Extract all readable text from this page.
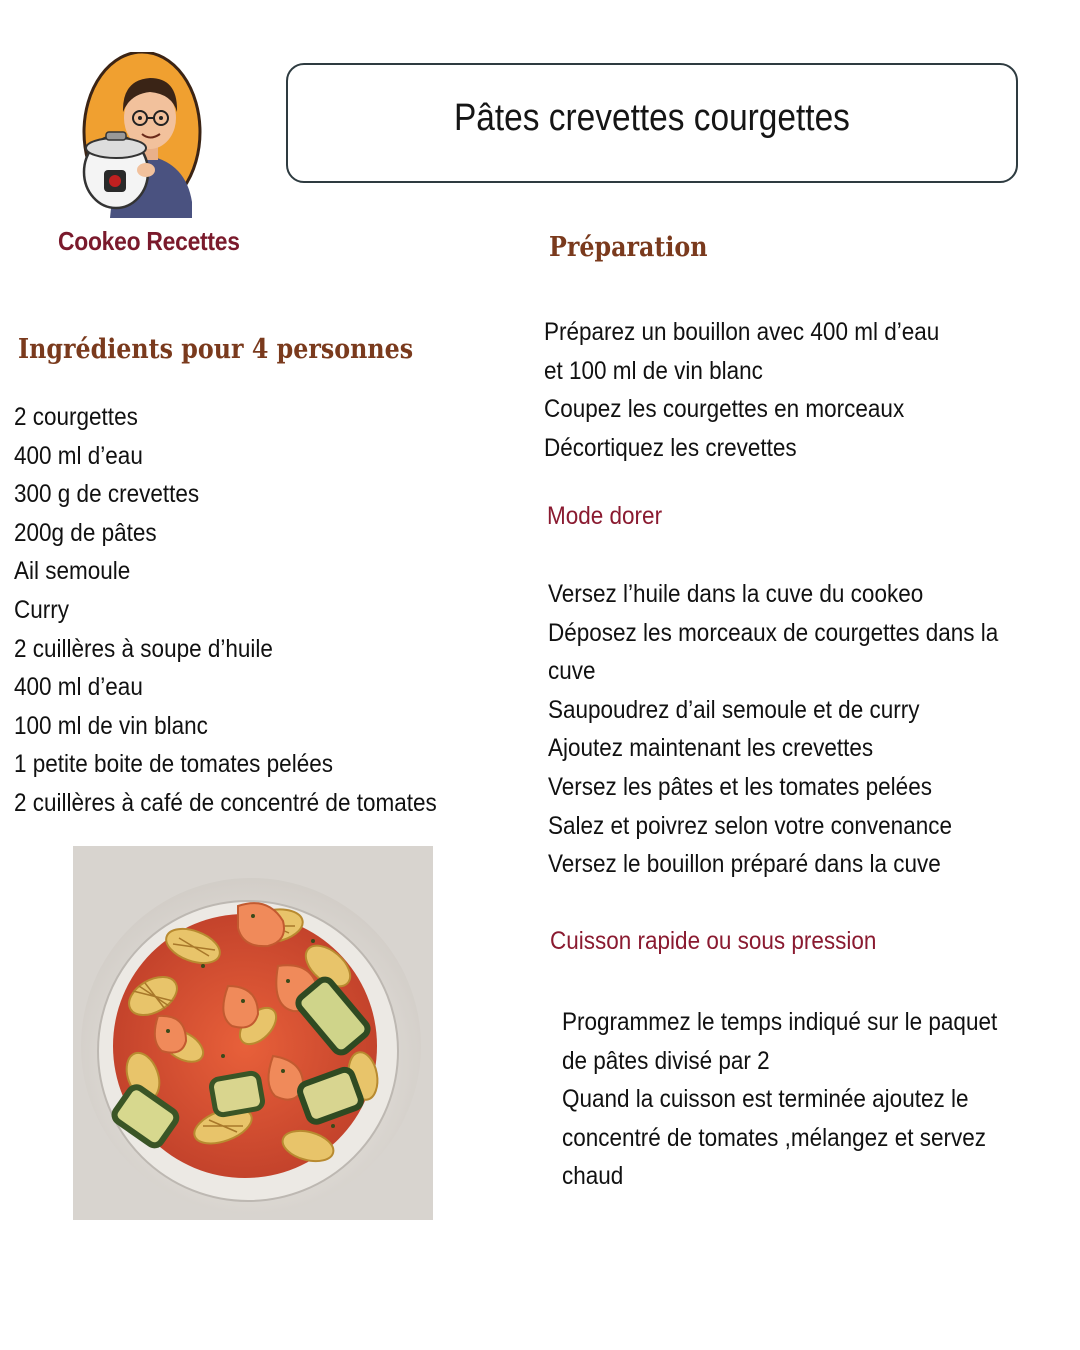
Cookeo Recettes
Pâtes crevettes courgettes
Ingrédients pour 4 personnes
2 courgettes
400 ml d’eau
300 g de crevettes
200g de pâtes
Ail semoule
Curry
2 cuillères à soupe d’huile
400 ml d’eau
100 ml de vin blanc
1 petite boite de tomates pelées
2 cuillères à café de concentré de tomates
Préparation
Préparez un bouillon avec 400 ml d’eau
et 100 ml de vin blanc
Coupez les courgettes en morceaux
Décortiquez les crevettes
Mode dorer
Versez l’huile dans la cuve du cookeo
Déposez les morceaux de courgettes dans la
cuve
Saupoudrez d’ail semoule et de curry
Ajoutez maintenant les crevettes
Versez les pâtes et les tomates pelées
Salez et poivrez selon votre convenance
Versez le bouillon préparé dans la cuve
Cuisson rapide ou sous pression
Programmez le temps indiqué sur le paquet
de pâtes divisé par 2
Quand la cuisson est terminée ajoutez le
concentré de tomates ,mélangez et servez
chaud
